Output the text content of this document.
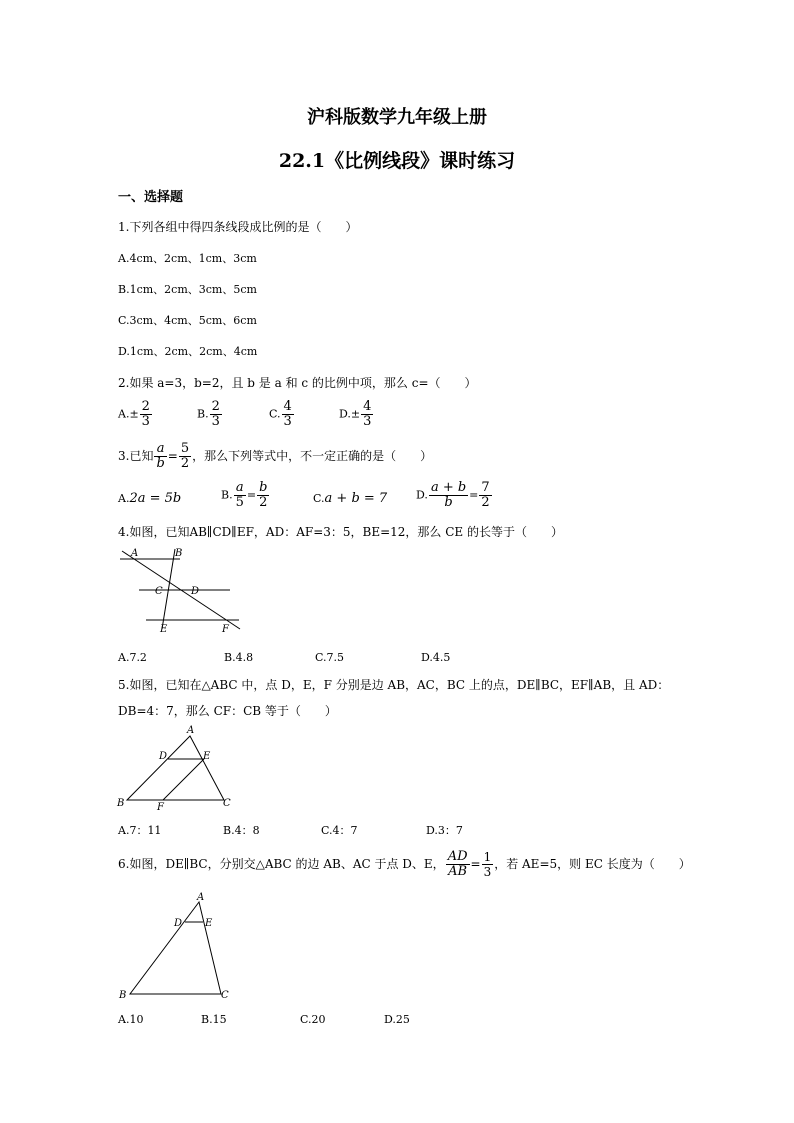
沪科版数学九年级上册
22.1《比例线段》课时练习
一、选择题
1.下列各组中得四条线段成比例的是（　　）
A.4cm、2cm、1cm、3cm
B.1cm、2cm、3cm、5cm
C.3cm、4cm、5cm、6cm
D.1cm、2cm、2cm、4cm
2.如果 a=3，b=2，且 b 是 a 和 c 的比例中项，那么 c=（　　）
$A.\pm \frac{2}{3}$	B. $\frac{2}{3}$	C. $\frac{4}{3}$	$D.\pm \frac{4}{3}$
3.已知 $\frac{a}{b} = \frac{5}{2}$ ，那么下列等式中，不一定正确的是（　　）
A.2a = 5b	B. $\frac{a}{5} = \frac{b}{2}$	C.a + b = 7	D. $\frac{a + b}{b} = \frac{7}{2}$
4.如图，已知AB∥CD∥EF，AD：AF=3：5，BE=12，那么 CE 的长等于（　　）
A	B
C	D
E	F
A.7.2	B.4.8	C.7.5	D.4.5
5.如图，已知在△ABC 中，点 D，E，F 分别是边 AB，AC，BC 上的点，DE∥BC，EF∥AB，且 AD：
DB=4：7，那么 CF：CB 等于（　　）
A
B	C
D	E
F
A.7：11	B.4：8	C.4：7	D.3：7
6.如图，DE∥BC，分别交△ABC 的边 AB、AC 于点 D、E， $\frac{AD}{AB} = \frac{1}{3}$ ，若 AE=5，则 EC 长度为（　　）
A
B	C
D E
A.10	B.15	C.20	D.25
